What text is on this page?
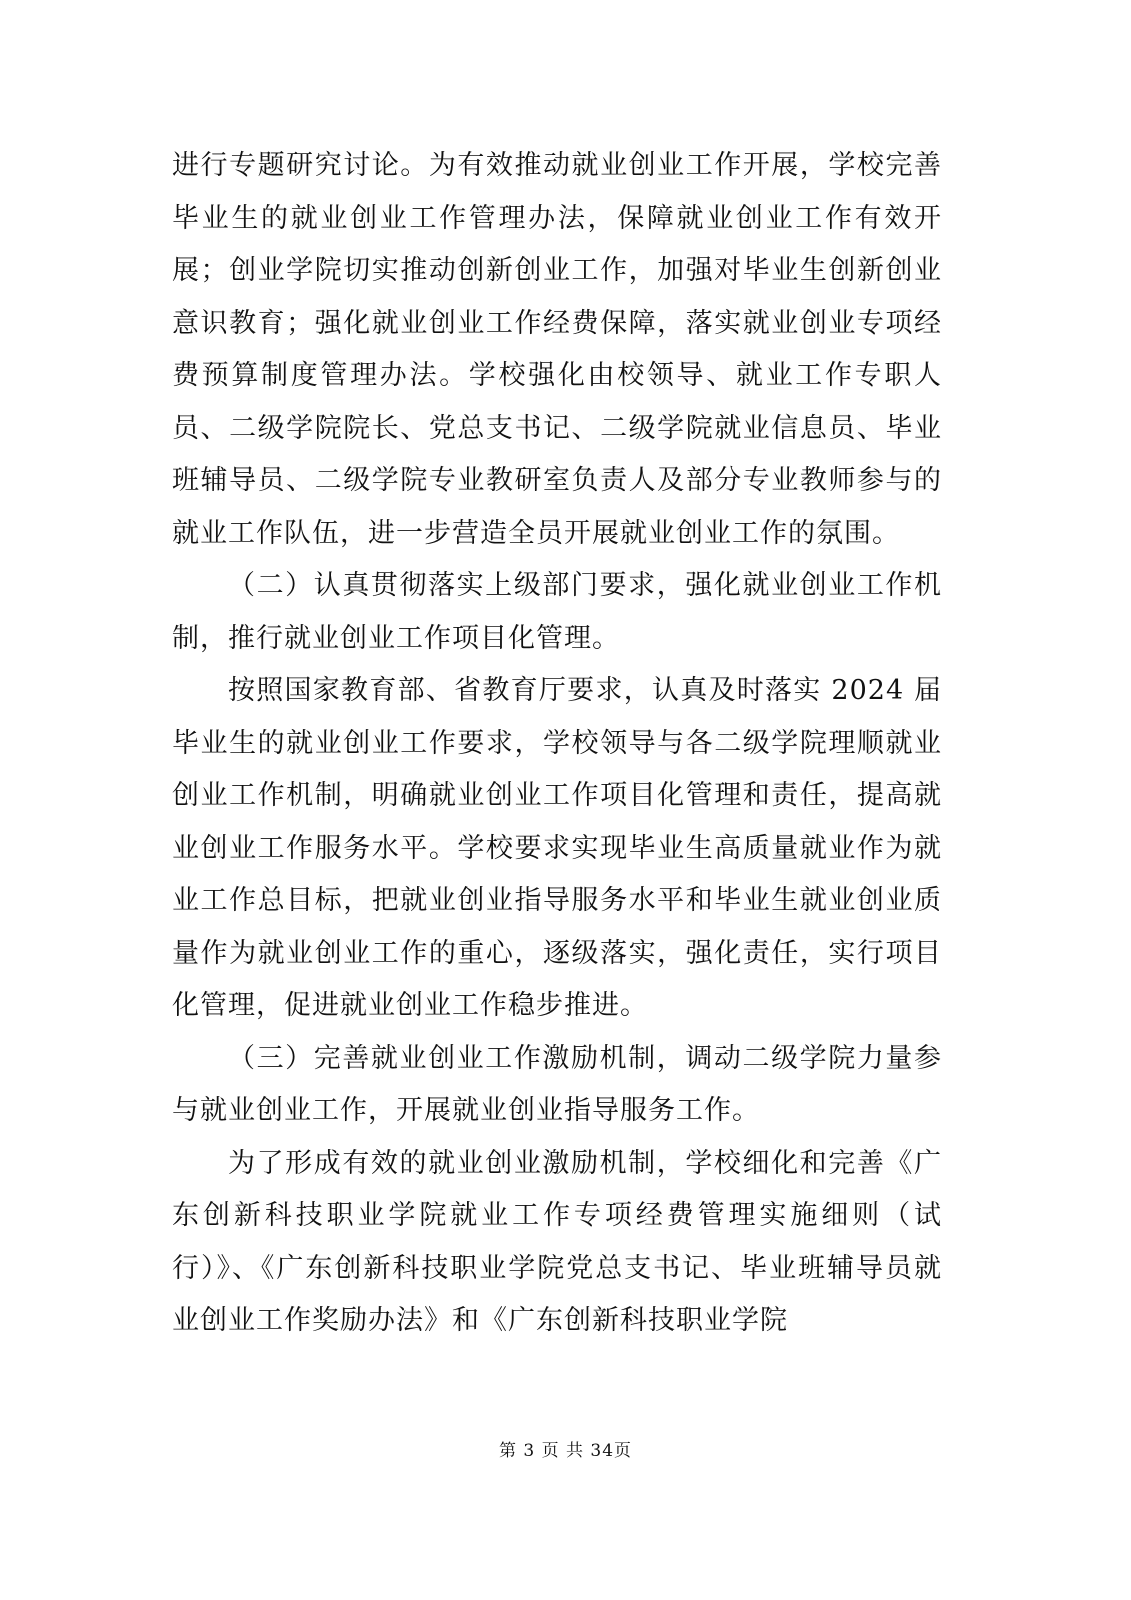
进行专题研究讨论。为有效推动就业创业工作开展，学校完善毕业生的就业创业工作管理办法，保障就业创业工作有效开展；创业学院切实推动创新创业工作，加强对毕业生创新创业意识教育；强化就业创业工作经费保障，落实就业创业专项经费预算制度管理办法。学校强化由校领导、就业工作专职人员、二级学院院长、党总支书记、二级学院就业信息员、毕业班辅导员、二级学院专业教研室负责人及部分专业教师参与的就业工作队伍，进一步营造全员开展就业创业工作的氛围。

（二）认真贯彻落实上级部门要求，强化就业创业工作机制，推行就业创业工作项目化管理。

按照国家教育部、省教育厅要求，认真及时落实 2024 届毕业生的就业创业工作要求，学校领导与各二级学院理顺就业创业工作机制，明确就业创业工作项目化管理和责任，提高就业创业工作服务水平。学校要求实现毕业生高质量就业作为就业工作总目标，把就业创业指导服务水平和毕业生就业创业质量作为就业创业工作的重心，逐级落实，强化责任，实行项目化管理，促进就业创业工作稳步推进。

（三）完善就业创业工作激励机制，调动二级学院力量参与就业创业工作，开展就业创业指导服务工作。

为了形成有效的就业创业激励机制，学校细化和完善《广东创新科技职业学院就业工作专项经费管理实施细则（试行）》、《广东创新科技职业学院党总支书记、毕业班辅导员就业创业工作奖励办法》和《广东创新科技职业学院

第 3 页 共 34页
